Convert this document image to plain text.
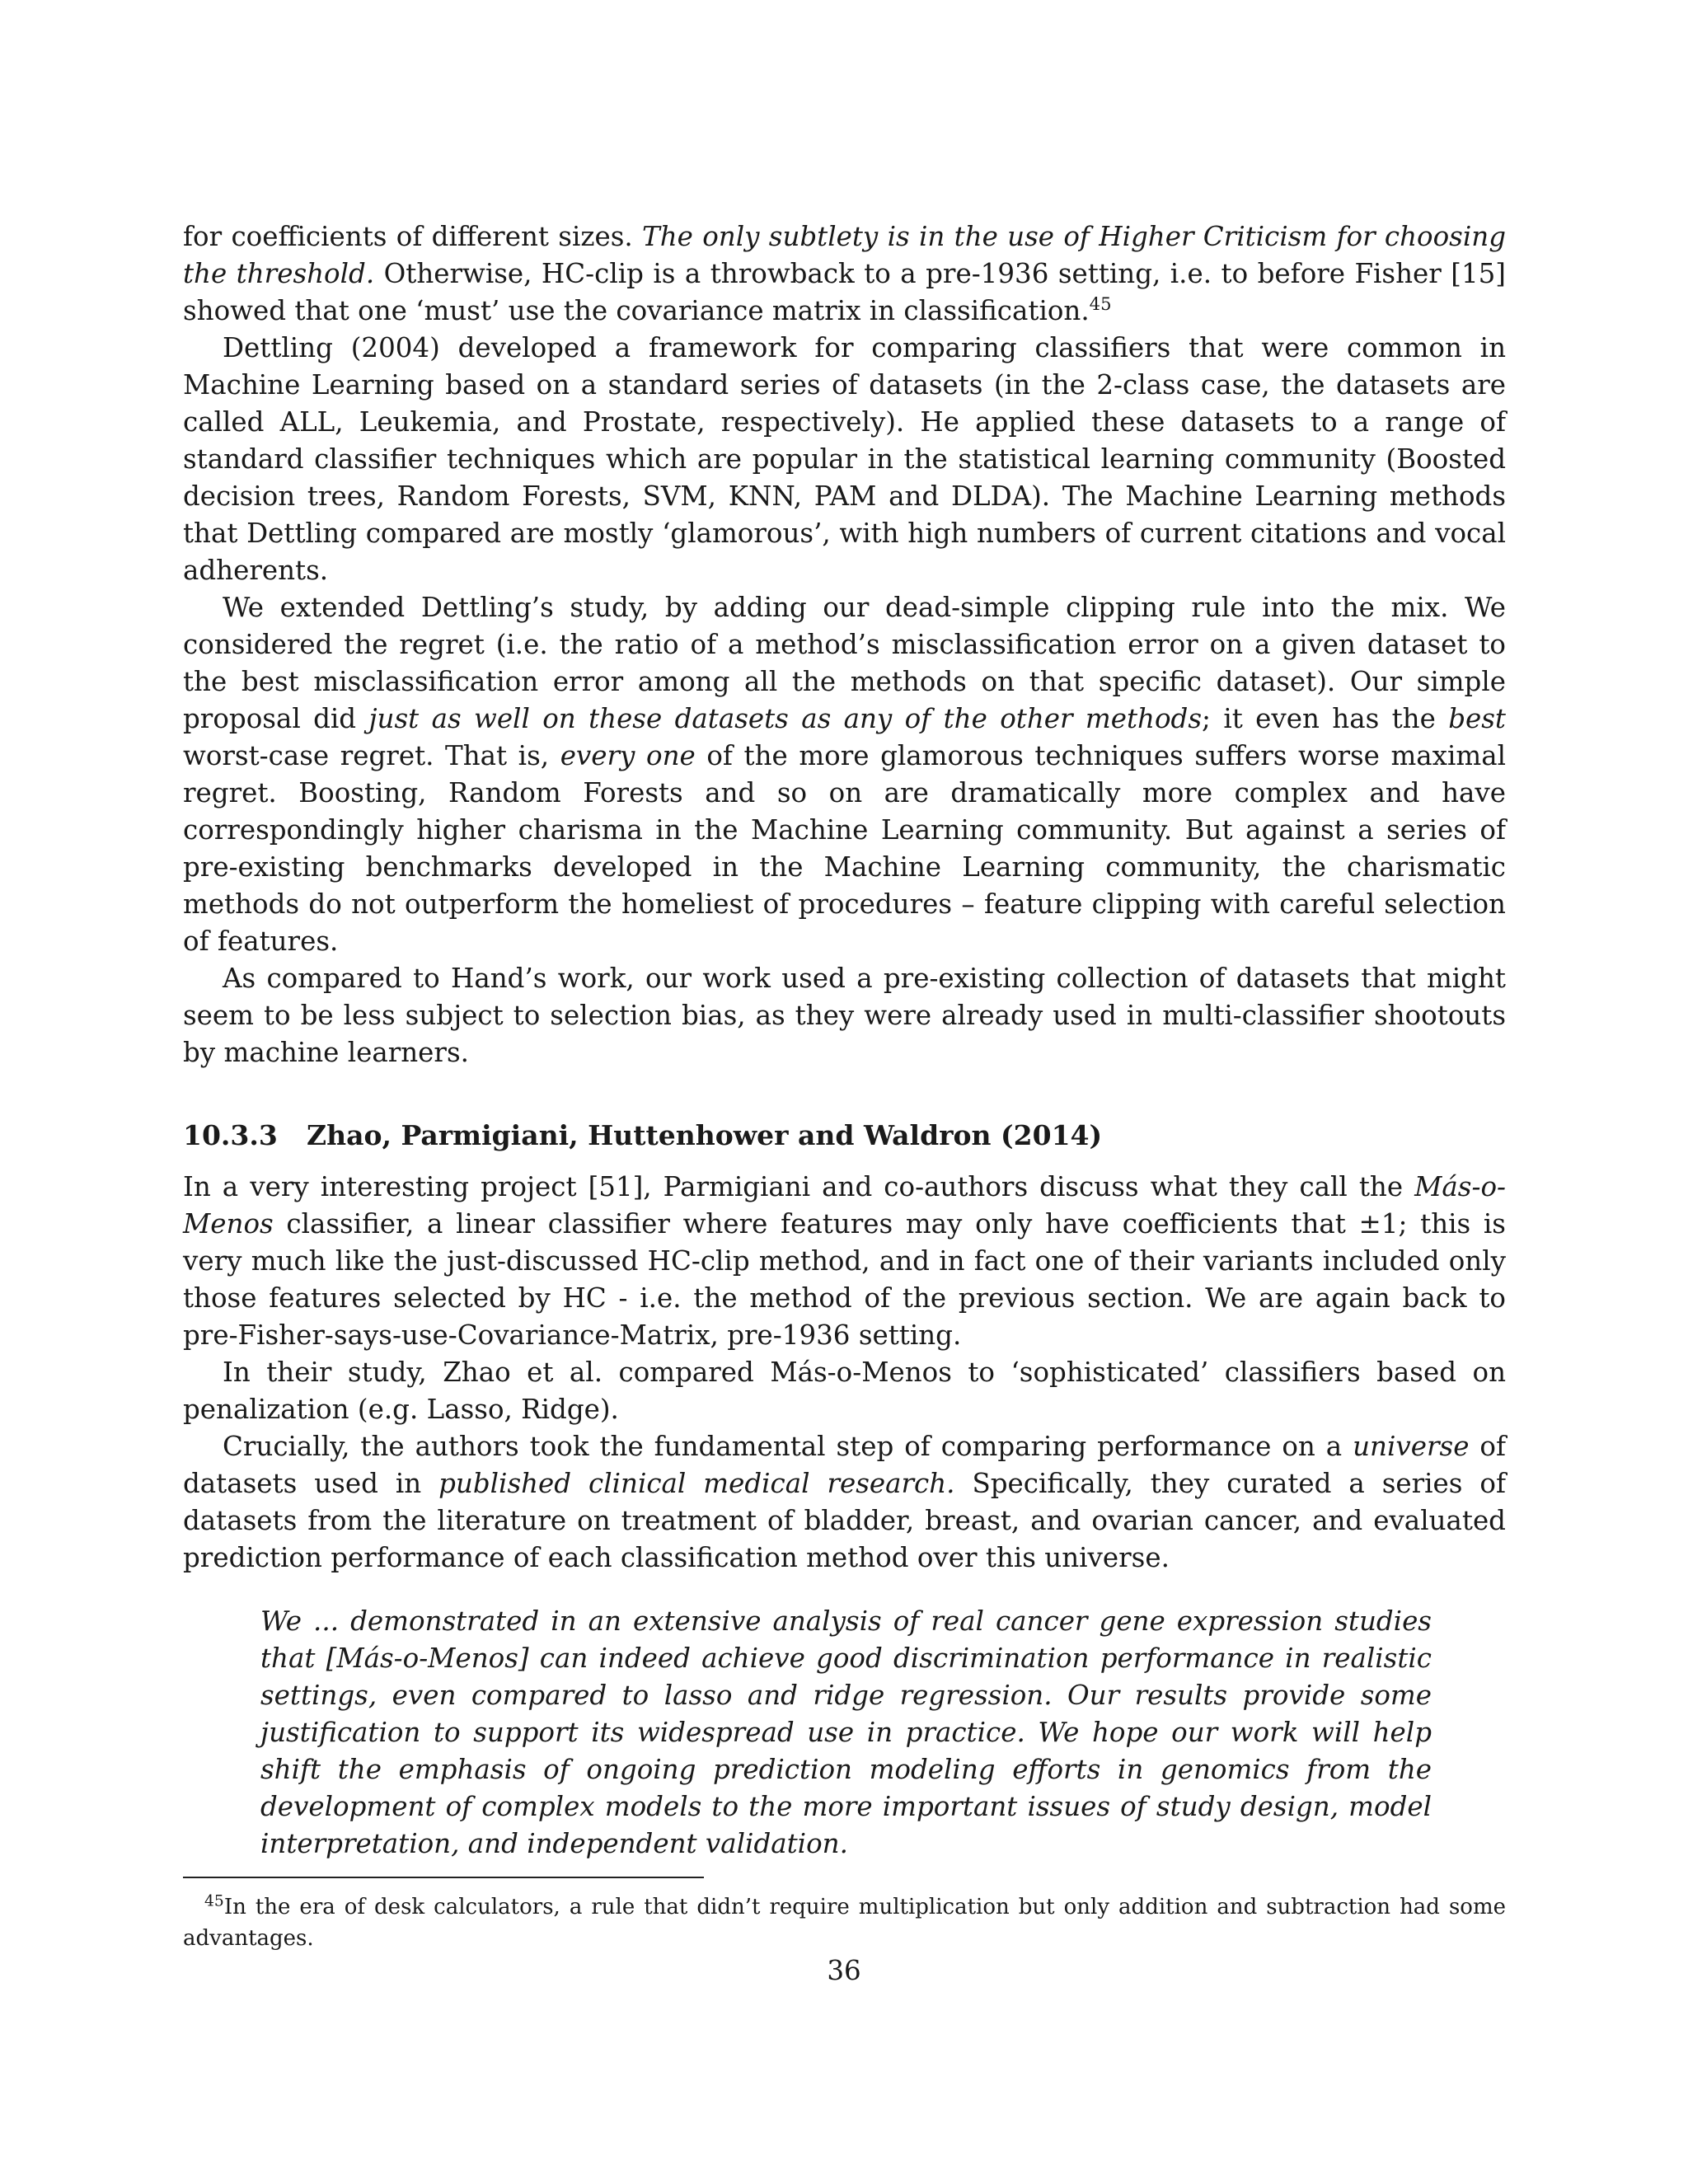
for coefficients of different sizes. The only subtlety is in the use of Higher Criticism for choosing the threshold. Otherwise, HC-clip is a throwback to a pre-1936 setting, i.e. to before Fisher [15] showed that one ‘must’ use the covariance matrix in classification.$^{45}$

Dettling (2004) developed a framework for comparing classifiers that were common in Machine Learning based on a standard series of datasets (in the 2-class case, the datasets are called ALL, Leukemia, and Prostate, respectively). He applied these datasets to a range of standard classifier techniques which are popular in the statistical learning community (Boosted decision trees, Random Forests, SVM, KNN, PAM and DLDA). The Machine Learning methods that Dettling compared are mostly ‘glamorous’, with high numbers of current citations and vocal adherents.

We extended Dettling’s study, by adding our dead-simple clipping rule into the mix. We considered the regret (i.e. the ratio of a method’s misclassification error on a given dataset to the best misclassification error among all the methods on that specific dataset). Our simple proposal did just as well on these datasets as any of the other methods; it even has the best worst-case regret. That is, every one of the more glamorous techniques suffers worse maximal regret. Boosting, Random Forests and so on are dramatically more complex and have correspondingly higher charisma in the Machine Learning community. But against a series of pre-existing benchmarks developed in the Machine Learning community, the charismatic methods do not outperform the homeliest of procedures – feature clipping with careful selection of features.

As compared to Hand’s work, our work used a pre-existing collection of datasets that might seem to be less subject to selection bias, as they were already used in multi-classifier shootouts by machine learners.

10.3.3 Zhao, Parmigiani, Huttenhower and Waldron (2014)

In a very interesting project [51], Parmigiani and co-authors discuss what they call the Más-o-Menos classifier, a linear classifier where features may only have coefficients that ±1; this is very much like the just-discussed HC-clip method, and in fact one of their variants included only those features selected by HC - i.e. the method of the previous section. We are again back to pre-Fisher-says-use-Covariance-Matrix, pre-1936 setting.

In their study, Zhao et al. compared Más-o-Menos to ‘sophisticated’ classifiers based on penalization (e.g. Lasso, Ridge).

Crucially, the authors took the fundamental step of comparing performance on a universe of datasets used in published clinical medical research. Specifically, they curated a series of datasets from the literature on treatment of bladder, breast, and ovarian cancer, and evaluated prediction performance of each classification method over this universe.

We ... demonstrated in an extensive analysis of real cancer gene expression studies that [Más-o-Menos] can indeed achieve good discrimination performance in realistic settings, even compared to lasso and ridge regression. Our results provide some justification to support its widespread use in practice. We hope our work will help shift the emphasis of ongoing prediction modeling efforts in genomics from the development of complex models to the more important issues of study design, model interpretation, and independent validation.

$^{45}$In the era of desk calculators, a rule that didn’t require multiplication but only addition and subtraction had some advantages.

36
